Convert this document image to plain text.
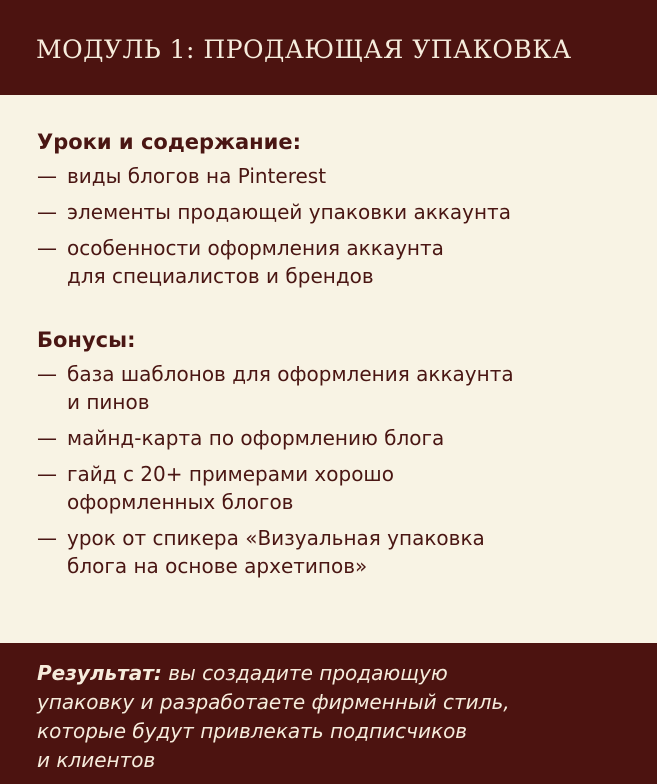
МОДУЛЬ 1: ПРОДАЮЩАЯ УПАКОВКА
Уроки и содержание:
— виды блогов на Pinterest
— элементы продающей упаковки аккаунта
— особенности оформления аккаунта
для специалистов и брендов
Бонусы:
— база шаблонов для оформления аккаунта
и пинов
— майнд-карта по оформлению блога
— гайд с 20+ примерами хорошо
оформленных блогов
— урок от спикера «Визуальная упаковка
блога на основе архетипов»

Результат: вы создадите продающую
упаковку и разработаете фирменный стиль,
которые будут привлекать подписчиков
и клиентов
